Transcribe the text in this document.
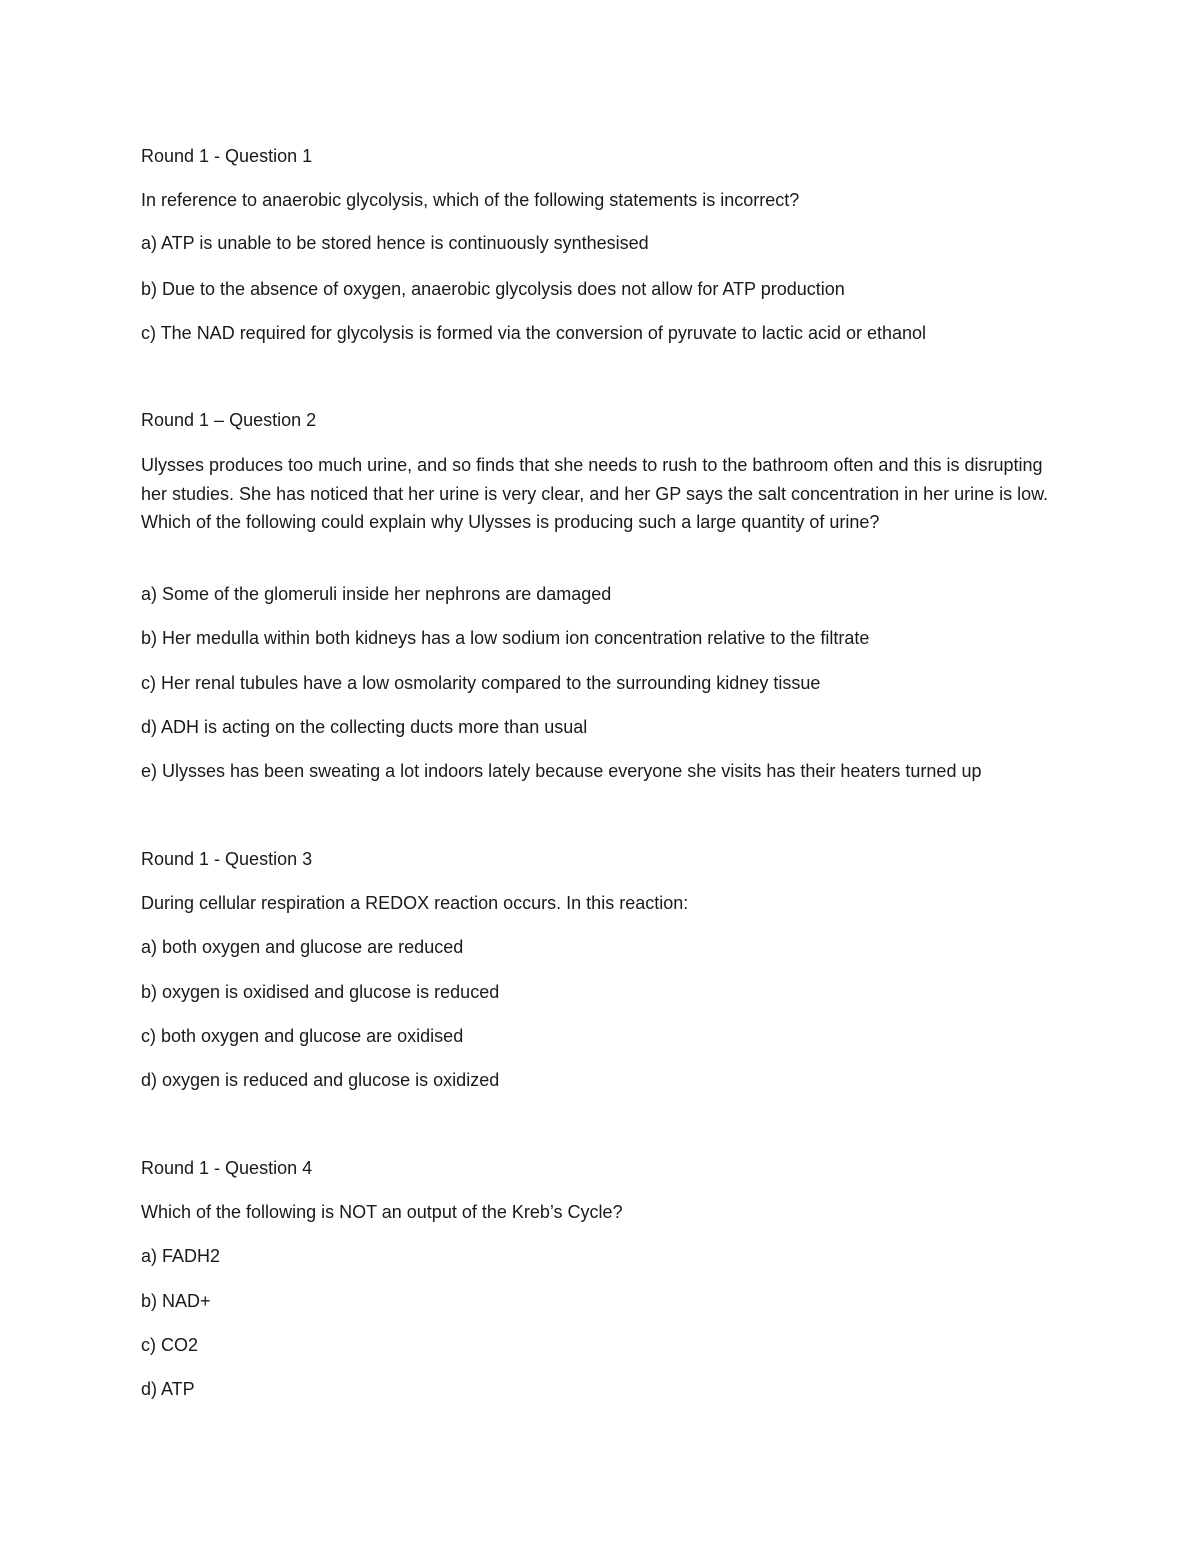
Round 1 - Question 1

In reference to anaerobic glycolysis, which of the following statements is incorrect?

a) ATP is unable to be stored hence is continuously synthesised

b) Due to the absence of oxygen, anaerobic glycolysis does not allow for ATP production

c) The NAD required for glycolysis is formed via the conversion of pyruvate to lactic acid or ethanol

Round 1 – Question 2

Ulysses produces too much urine, and so finds that she needs to rush to the bathroom often and this is disrupting her studies. She has noticed that her urine is very clear, and her GP says the salt concentration in her urine is low. Which of the following could explain why Ulysses is producing such a large quantity of urine?

a) Some of the glomeruli inside her nephrons are damaged

b) Her medulla within both kidneys has a low sodium ion concentration relative to the filtrate

c) Her renal tubules have a low osmolarity compared to the surrounding kidney tissue

d) ADH is acting on the collecting ducts more than usual

e) Ulysses has been sweating a lot indoors lately because everyone she visits has their heaters turned up

Round 1 - Question 3

During cellular respiration a REDOX reaction occurs. In this reaction:

a) both oxygen and glucose are reduced

b) oxygen is oxidised and glucose is reduced

c) both oxygen and glucose are oxidised

d) oxygen is reduced and glucose is oxidized

Round 1 - Question 4

Which of the following is NOT an output of the Kreb’s Cycle?

a) FADH2

b) NAD+

c) CO2

d) ATP
